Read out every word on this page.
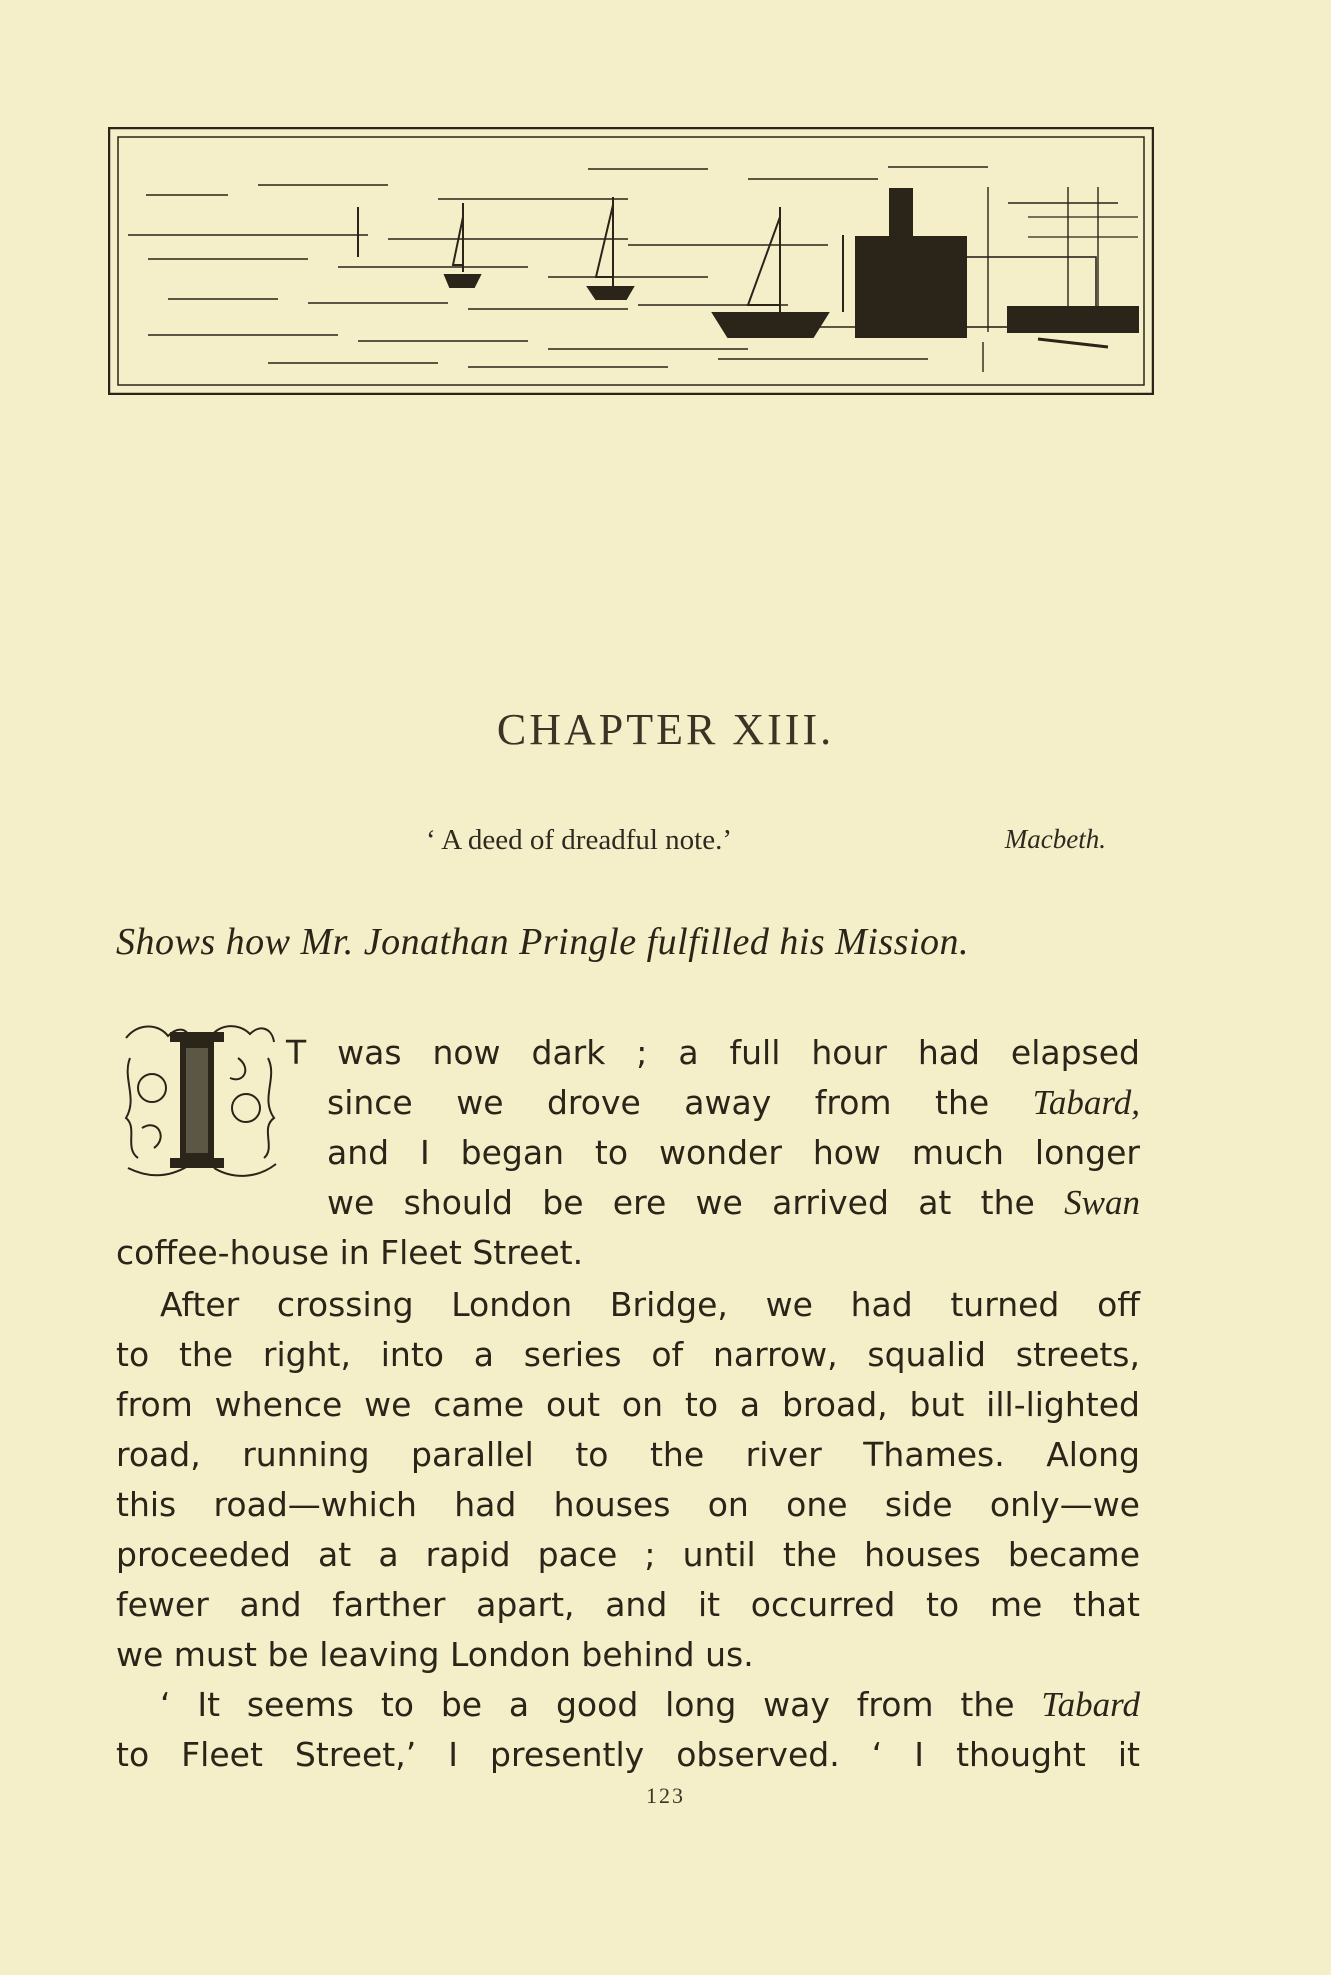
CHAPTER XIII.
‘ A deed of dreadful note.’	Macbeth.
Shows how Mr. Jonathan Pringle fulfilled his Mission.
T was now dark ; a full hour had elapsed
since we drove away from the Tabard,
and I began to wonder how much longer
we should be ere we arrived at the Swan
coffee-house in Fleet Street.
After crossing London Bridge, we had turned off
to the right, into a series of narrow, squalid streets,
from whence we came out on to a broad, but ill-lighted
road, running parallel to the river Thames. Along
this road—which had houses on one side only—we
proceeded at a rapid pace ; until the houses became
fewer and farther apart, and it occurred to me that
we must be leaving London behind us.
‘ It seems to be a good long way from the Tabard
to Fleet Street,’ I presently observed. ‘ I thought it
123
